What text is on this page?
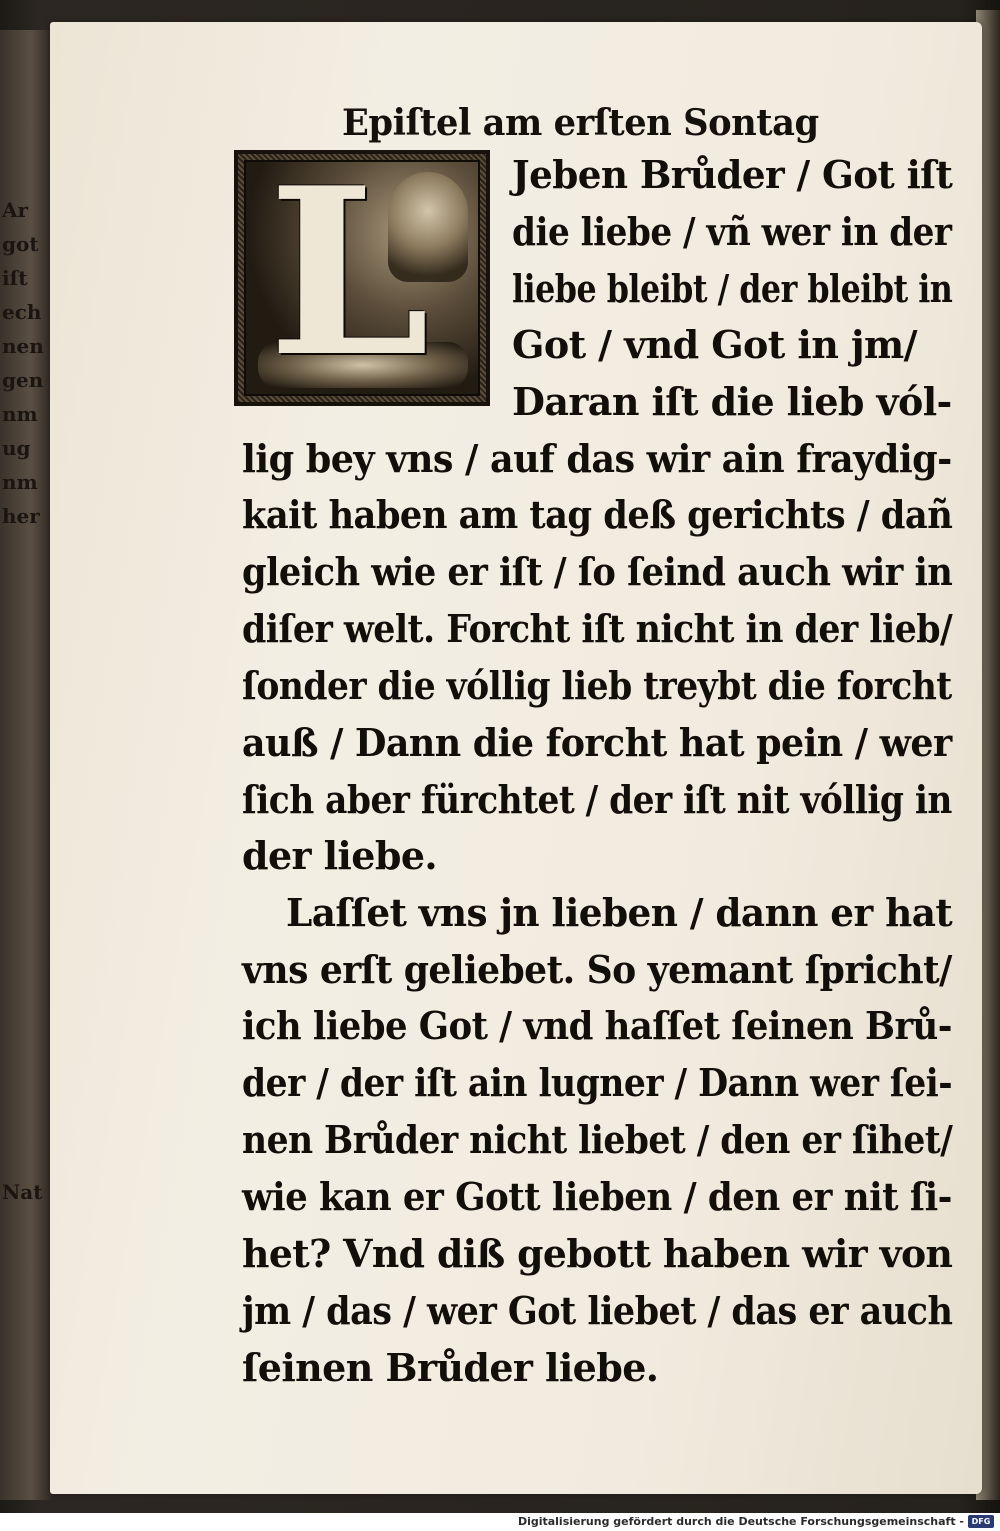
Ar
got
iſt
ech
nen
gen
nm
ug
nm
her
Nat

Epiſtel am erſten Sontag
L	Jeben Brůder / Got iſt
die liebe / vñ wer in der
liebe bleibt / der bleibt in
Got / vnd Got in jm/
Daran iſt die lieb vól-
lig bey vns / auf das wir ain fraydig-
kait haben am tag deß gerichts / dañ
gleich wie er iſt / ſo ſeind auch wir in
diſer welt. Forcht iſt nicht in der lieb/
ſonder die vóllig lieb treybt die forcht
auß / Dann die forcht hat pein / wer
ſich aber fürchtet / der iſt nit vóllig in
der liebe.
Laſſet vns jn lieben / dann er hat
vns erſt geliebet. So yemant ſpricht/
ich liebe Got / vnd haſſet ſeinen Brů-
der / der iſt ain lugner / Dann wer ſei-
nen Brůder nicht liebet / den er ſihet/
wie kan er Gott lieben / den er nit ſi-
het? Vnd diß gebott haben wir von
jm / das / wer Got liebet / das er auch
ſeinen Brůder liebe.
Digitalisierung gefördert durch die Deutsche Forschungsgemeinschaft - DFG
